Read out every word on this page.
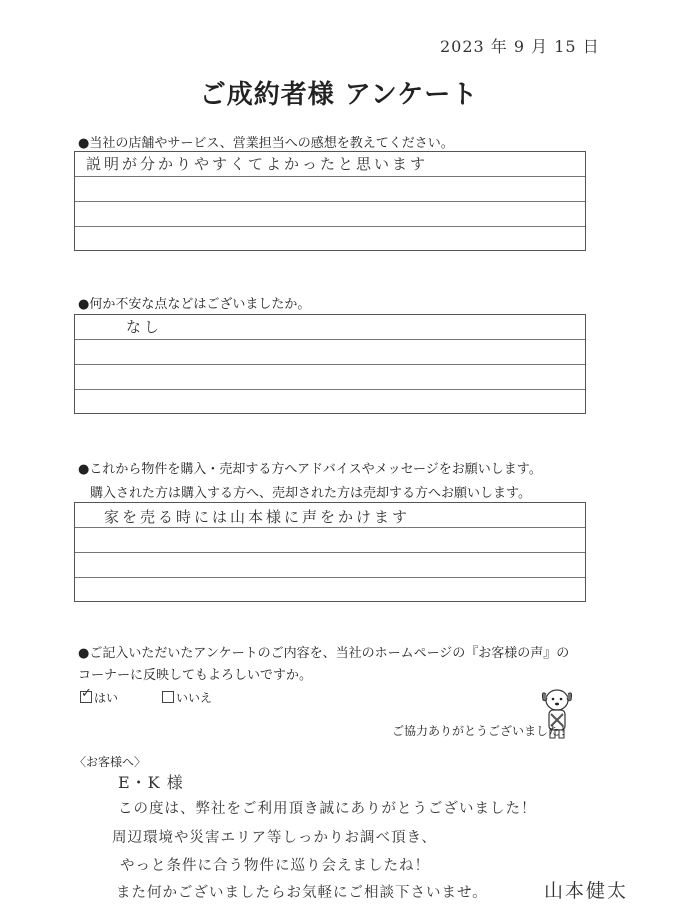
2023 年 9 月 15 日
ご成約者様 アンケート
●当社の店舗やサービス、営業担当への感想を教えてください。
説明が分かりやすくてよかったと思います
●何か不安な点などはございましたか。
なし
●これから物件を購入・売却する方へアドバイスやメッセージをお願いします。
購入された方は購入する方へ、売却された方は売却する方へお願いします。
家を売る時には山本様に声をかけます
●ご記入いただいたアンケートのご内容を、当社のホームページの『お客様の声』の
コーナーに反映してもよろしいですか。
✓ はい	いいえ
ご協力ありがとうございました！
〈お客様へ〉
E・K 様
この度は、弊社をご利用頂き誠にありがとうございました！
周辺環境や災害エリア等しっかりお調べ頂き、
やっと条件に合う物件に巡り会えましたね！
また何かございましたらお気軽にご相談下さいませ。	山本健太
